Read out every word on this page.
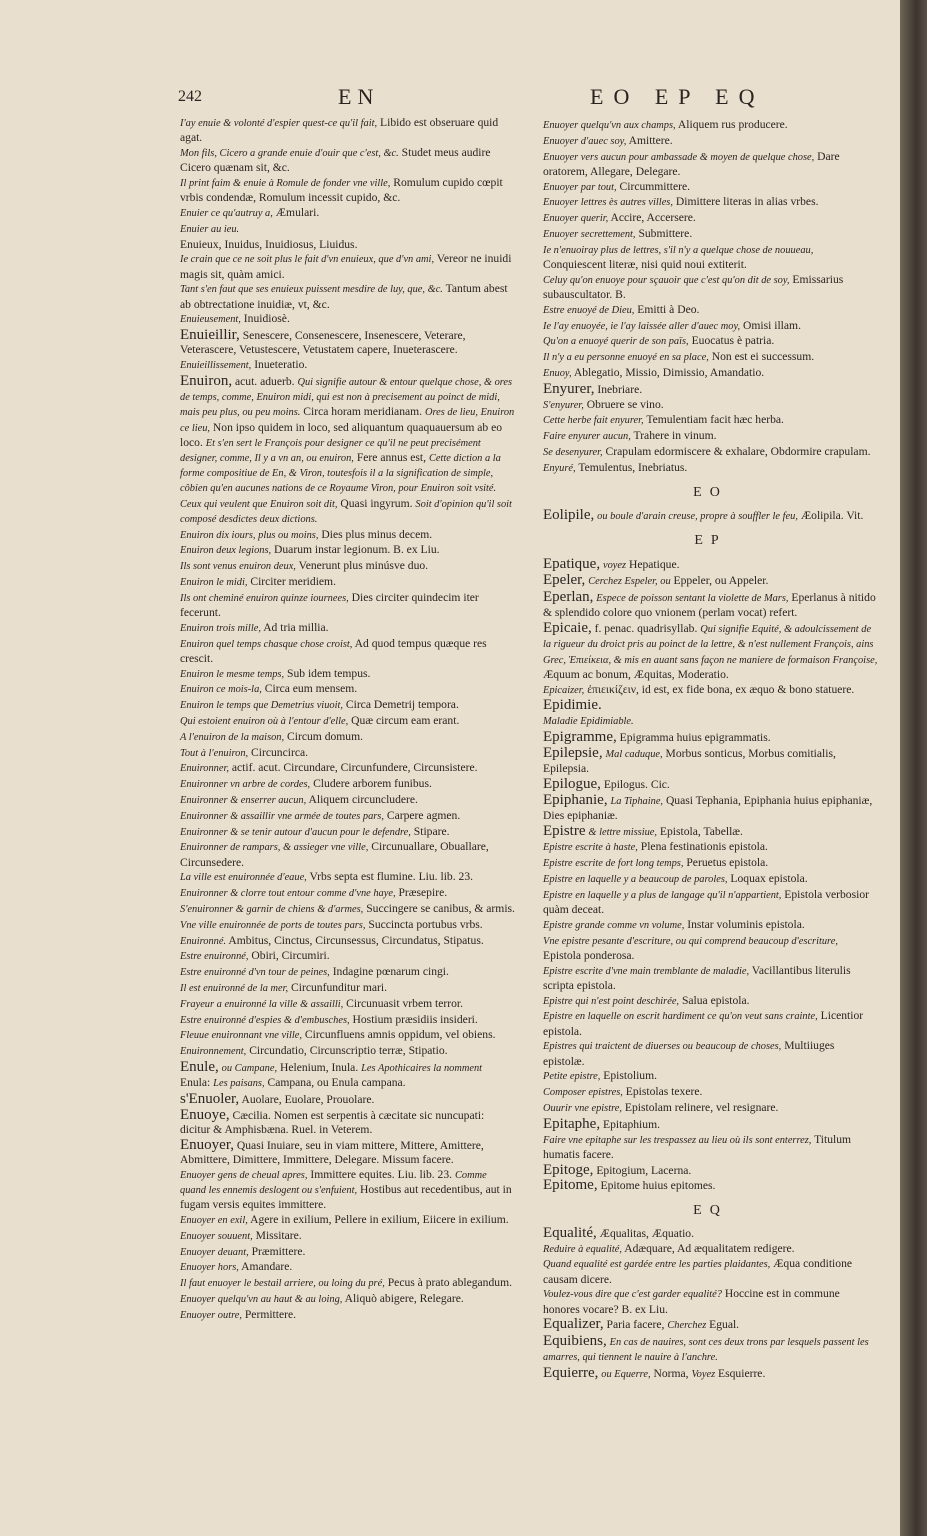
242	EN	EO EP EQ
I'ay enuie & volonté d'espier quest-ce qu'il fait, Libido est obseruare quid agat.
Mon fils, Cicero a grande enuie d'ouir que c'est, &c. Studet meus audire Cicero quænam sit, &c.
Il print faim & enuie à Romule de fonder vne ville, Romulum cupido cœpit vrbis condendæ, Romulum incessit cupido, &c.
Enuier ce qu'autruy a, Æmulari.
Enuier au ieu.
Enuieux, Inuidus, Inuidiosus, Liuidus.
Ie crain que ce ne soit plus le fait d'vn enuieux, que d'vn ami, Vereor ne inuidi magis sit, quàm amici.
Tant s'en faut que ses enuieux puissent mesdire de luy, que, &c. Tantum abest ab obtrectatione inuidiæ, vt, &c.
Enuieusement, Inuidiosè.
Enuieillir, Senescere, Consenescere, Insenescere, Veterare, Veterascere, Vetustescere, Vetustatem capere, Inueterascere.
Enuieillissement, Inueteratio.
Enuiron, acut. aduerb. Qui signifie autour & entour quelque chose, & ores de temps, comme, Enuiron midi, qui est non à precisement au poinct de midi, mais peu plus, ou peu moins. Circa horam meridianam. Ores de lieu, Enuiron ce lieu, Non ipso quidem in loco, sed aliquantum quaquauersum ab eo loco. Et s'en sert le François pour designer ce qu'il ne peut precisément designer, comme, Il y a vn an, ou enuiron, Fere annus est, Cette diction a la forme compositiue de En, & Viron, toutesfois il a la signification de simple, côbien qu'en aucunes nations de ce Royaume Viron, pour Enuiron soit vsité. Ceux qui veulent que Enuiron soit dit, Quasi ingyrum. Soit d'opinion qu'il soit composé desdictes deux dictions.
Enuiron dix iours, plus ou moins, Dies plus minus decem.
Enuiron deux legions, Duarum instar legionum. B. ex Liu.
Ils sont venus enuiron deux, Venerunt plus minúsve duo.
Enuiron le midi, Circiter meridiem.
Ils ont cheminé enuiron quinze iournees, Dies circiter quindecim iter fecerunt.
Enuiron trois mille, Ad tria millia.
Enuiron quel temps chasque chose croist, Ad quod tempus quæque res crescit.
Enuiron le mesme temps, Sub idem tempus.
Enuiron ce mois-la, Circa eum mensem.
Enuiron le temps que Demetrius viuoit, Circa Demetrij tempora.
Qui estoient enuiron où à l'entour d'elle, Quæ circum eam erant.
A l'enuiron de la maison, Circum domum.
Tout à l'enuiron, Circuncirca.
Enuironner, actif. acut. Circundare, Circunfundere, Circunsistere.
Enuironner vn arbre de cordes, Cludere arborem funibus.
Enuironner & enserrer aucun, Aliquem circuncludere.
Enuironner & assaillir vne armée de toutes pars, Carpere agmen.
Enuironner & se tenir autour d'aucun pour le defendre, Stipare.
Enuironner de rampars, & assieger vne ville, Circunuallare, Obuallare, Circunsedere.
La ville est enuironnée d'eaue, Vrbs septa est flumine. Liu. lib. 23.
Enuironner & clorre tout entour comme d'vne haye, Præsepire.
S'enuironner & garnir de chiens & d'armes, Succingere se canibus, & armis.
Vne ville enuironnée de ports de toutes pars, Succincta portubus vrbs.
Enuironné. Ambitus, Cinctus, Circunsessus, Circundatus, Stipatus.
Estre enuironné, Obiri, Circumiri.
Estre enuironné d'vn tour de peines, Indagine pœnarum cingi.
Il est enuironné de la mer, Circunfunditur mari.
Frayeur a enuironné la ville & assailli, Circunuasit vrbem terror.
Estre enuironné d'espies & d'embusches, Hostium præsidiis insideri.
Fleuue enuironnant vne ville, Circunfluens amnis oppidum, vel obiens.
Enuironnement, Circundatio, Circunscriptio terræ, Stipatio.
Enule, ou Campane, Helenium, Inula. Les Apothicaires la nomment Enula: Les paisans, Campana, ou Enula campana.
s'Enuoler, Auolare, Euolare, Prouolare.
Enuoye, Cæcilia. Nomen est serpentis à cæcitate sic nuncupati: dicitur & Amphisbæna. Ruel. in Veterem.
Enuoyer, Quasi Inuiare, seu in viam mittere, Mittere, Amittere, Abmittere, Dimittere, Immittere, Delegare. Missum facere.
Enuoyer gens de cheual apres, Immittere equites. Liu. lib. 23. Comme quand les ennemis deslogent ou s'enfuient, Hostibus aut recedentibus, aut in fugam versis equites immittere.
Enuoyer en exil, Agere in exilium, Pellere in exilium, Eiicere in exilium.
Enuoyer souuent, Missitare.
Enuoyer deuant, Præmittere.
Enuoyer hors, Amandare.
Il faut enuoyer le bestail arriere, ou loing du pré, Pecus à prato ablegandum.
Enuoyer quelqu'vn au haut & au loing, Aliquò abigere, Relegare.
Enuoyer outre, Permittere.
Enuoyer quelqu'vn aux champs, Aliquem rus producere.
Enuoyer d'auec soy, Amittere.
Enuoyer vers aucun pour ambassade & moyen de quelque chose, Dare oratorem, Allegare, Delegare.
Enuoyer par tout, Circummittere.
Enuoyer lettres ès autres villes, Dimittere literas in alias vrbes.
Enuoyer querir, Accire, Accersere.
Enuoyer secrettement, Submittere.
Ie n'enuoiray plus de lettres, s'il n'y a quelque chose de nouueau, Conquiescent literæ, nisi quid noui extiterit.
Celuy qu'on enuoye pour sçauoir que c'est qu'on dit de soy, Emissarius subauscultator. B.
Estre enuoyé de Dieu, Emitti à Deo.
Ie l'ay enuoyée, ie l'ay laissée aller d'auec moy, Omisi illam.
Qu'on a enuoyé querir de son païs, Euocatus è patria.
Il n'y a eu personne enuoyé en sa place, Non est ei successum.
Enuoy, Ablegatio, Missio, Dimissio, Amandatio.
Enyurer, Inebriare.
S'enyurer, Obruere se vino.
Cette herbe fait enyurer, Temulentiam facit hæc herba.
Faire enyurer aucun, Trahere in vinum.
Se desenyurer, Crapulam edormiscere & exhalare, Obdormire crapulam.
Enyuré, Temulentus, Inebriatus.
EO
Eolipile, ou boule d'arain creuse, propre à souffler le feu, Æolipila. Vit.
EP
Epatique, voyez Hepatique.
Epeler, Cerchez Espeler, ou Eppeler, ou Appeler.
Eperlan, Espece de poisson sentant la violette de Mars, Eperlanus à nitido & splendido colore quo vnionem (perlam vocat) refert.
Epicaie, f. penac. quadrisyllab. Qui signifie Equité, & adoulcissement de la rigueur du droict pris au poinct de la lettre, & n'est nullement François, ains Grec, Ἐπιείκεια, & mis en auant sans façon ne maniere de formaison Françoise, Æquum ac bonum, Æquitas, Moderatio.
Epicaizer, ἐπιεικίζειν, id est, ex fide bona, ex æquo & bono statuere.
Epidimie.
Maladie Epidimiable.
Epigramme, Epigramma huius epigrammatis.
Epilepsie, Mal caduque, Morbus sonticus, Morbus comitialis, Epilepsia.
Epilogue, Epilogus. Cic.
Epiphanie, La Tiphaine, Quasi Tephania, Epiphania huius epiphaniæ, Dies epiphaniæ.
Epistre & lettre missiue, Epistola, Tabellæ.
Epistre escrite à haste, Plena festinationis epistola.
Epistre escrite de fort long temps, Peruetus epistola.
Epistre en laquelle y a beaucoup de paroles, Loquax epistola.
Epistre en laquelle y a plus de langage qu'il n'appartient, Epistola verbosior quàm deceat.
Epistre grande comme vn volume, Instar voluminis epistola.
Vne epistre pesante d'escriture, ou qui comprend beaucoup d'escriture, Epistola ponderosa.
Epistre escrite d'vne main tremblante de maladie, Vacillantibus literulis scripta epistola.
Epistre qui n'est point deschirée, Salua epistola.
Epistre en laquelle on escrit hardiment ce qu'on veut sans crainte, Licentior epistola.
Epistres qui traictent de diuerses ou beaucoup de choses, Multiiuges epistolæ.
Petite epistre, Epistolium.
Composer epistres, Epistolas texere.
Ouurir vne epistre, Epistolam relinere, vel resignare.
Epitaphe, Epitaphium.
Faire vne epitaphe sur les trespassez au lieu où ils sont enterrez, Titulum humatis facere.
Epitoge, Epitogium, Lacerna.
Epitome, Epitome huius epitomes.
EQ
Equalité, Æqualitas, Æquatio.
Reduire à equalité, Adæquare, Ad æqualitatem redigere.
Quand equalité est gardée entre les parties plaidantes, Æqua conditione causam dicere.
Voulez-vous dire que c'est garder equalité? Hoccine est in commune honores vocare? B. ex Liu.
Equalizer, Paria facere, Cherchez Egual.
Equibiens, En cas de nauires, sont ces deux trons par lesquels passent les amarres, qui tiennent le nauire à l'anchre.
Equierre, ou Equerre, Norma, Voyez Esquierre.
